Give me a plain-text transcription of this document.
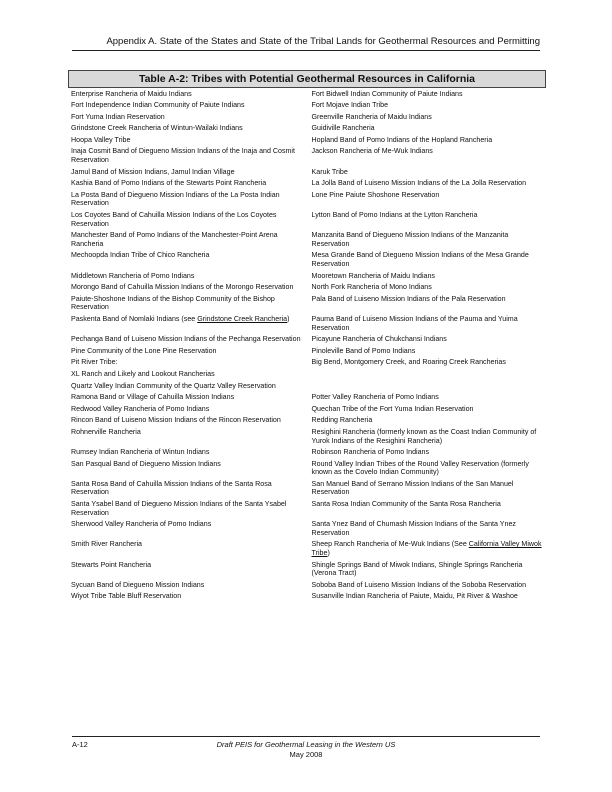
Appendix A. State of the States and State of the Tribal Lands for Geothermal Resources and Permitting
Table A-2: Tribes with Potential Geothermal Resources in California
Enterprise Rancheria of Maidu Indians	Fort Bidwell Indian Community of Paiute Indians
Fort Independence Indian Community of Paiute Indians	Fort Mojave Indian Tribe
Fort Yuma Indian Reservation	Greenville Rancheria of Maidu Indians
Grindstone Creek Rancheria of Wintun-Wailaki Indians	Guidiville Rancheria
Hoopa Valley Tribe	Hopland Band of Pomo Indians of the Hopland Rancheria
Inaja Cosmit Band of Diegueno Mission Indians of the Inaja and Cosmit Reservation	Jackson Rancheria of Me-Wuk Indians
Jamul Band of Mission Indians, Jamul Indian Village	Karuk Tribe
Kashia Band of Pomo Indians of the Stewarts Point Rancheria	La Jolla Band of Luiseno Mission Indians of the La Jolla Reservation
La Posta Band of Diegueno Mission Indians of the La Posta Indian Reservation	Lone Pine Paiute Shoshone Reservation
Los Coyotes Band of Cahuilla Mission Indians of the Los Coyotes Reservation	Lytton Band of Pomo Indians at the Lytton Rancheria
Manchester Band of Pomo Indians of the Manchester-Point Arena Rancheria	Manzanita Band of Diegueno Mission Indians of the Manzanita Reservation
Mechoopda Indian Tribe of Chico Rancheria	Mesa Grande Band of Diegueno Mission Indians of the Mesa Grande Reservation
Middletown Rancheria of Pomo Indians	Mooretown Rancheria of Maidu Indians
Morongo Band of Cahuilla Mission Indians of the Morongo Reservation	North Fork Rancheria of Mono Indians
Paiute-Shoshone Indians of the Bishop Community of the Bishop Reservation	Pala Band of Luiseno Mission Indians of the Pala Reservation
Paskenta Band of Nomlaki Indians (see Grindstone Creek Rancheria)	Pauma Band of Luiseno Mission Indians of the Pauma and Yuima Reservation
Pechanga Band of Luiseno Mission Indians of the Pechanga Reservation	Picayune Rancheria of Chukchansi Indians
Pine Community of the Lone Pine Reservation	Pinoleville Band of Pomo Indians
Pit River Tribe:	Big Bend, Montgomery Creek, and Roaring Creek Rancherias
XL Ranch and Likely and Lookout Rancherias	
Quartz Valley Indian Community of the Quartz Valley Reservation	
Ramona Band or Village of Cahuilla Mission Indians	Potter Valley Rancheria of Pomo Indians
Redwood Valley Rancheria of Pomo Indians	Quechan Tribe of the Fort Yuma Indian Reservation
Rincon Band of Luiseno Mission Indians of the Rincon Reservation	Redding Rancheria
Rohnerville Rancheria	Resighini Rancheria (formerly known as the Coast Indian Community of Yurok Indians of the Resighini Rancheria)
Rumsey Indian Rancheria of Wintun Indians	Robinson Rancheria of Pomo Indians
San Pasqual Band of Diegueno Mission Indians	Round Valley Indian Tribes of the Round Valley Reservation (formerly known as the Covelo Indian Community)
Santa Rosa Band of Cahuilla Mission Indians of the Santa Rosa Reservation	San Manuel Band of Serrano Mission Indians of the San Manuel Reservation
Santa Ysabel Band of Diegueno Mission Indians of the Santa Ysabel Reservation	Santa Rosa Indian Community of the Santa Rosa Rancheria
Sherwood Valley Rancheria of Pomo Indians	Santa Ynez Band of Chumash Mission Indians of the Santa Ynez Reservation
Smith River Rancheria	Sheep Ranch Rancheria of Me-Wuk Indians (See California Valley Miwok Tribe)
Stewarts Point Rancheria	Shingle Springs Band of Miwok Indians, Shingle Springs Rancheria (Verona Tract)
Sycuan Band of Diegueno Mission Indians	Soboba Band of Luiseno Mission Indians of the Soboba Reservation
Wiyot Tribe Table Bluff Reservation	Susanville Indian Rancheria of Paiute, Maidu, Pit River & Washoe
A-12	Draft PEIS for Geothermal Leasing in the Western US
May 2008
